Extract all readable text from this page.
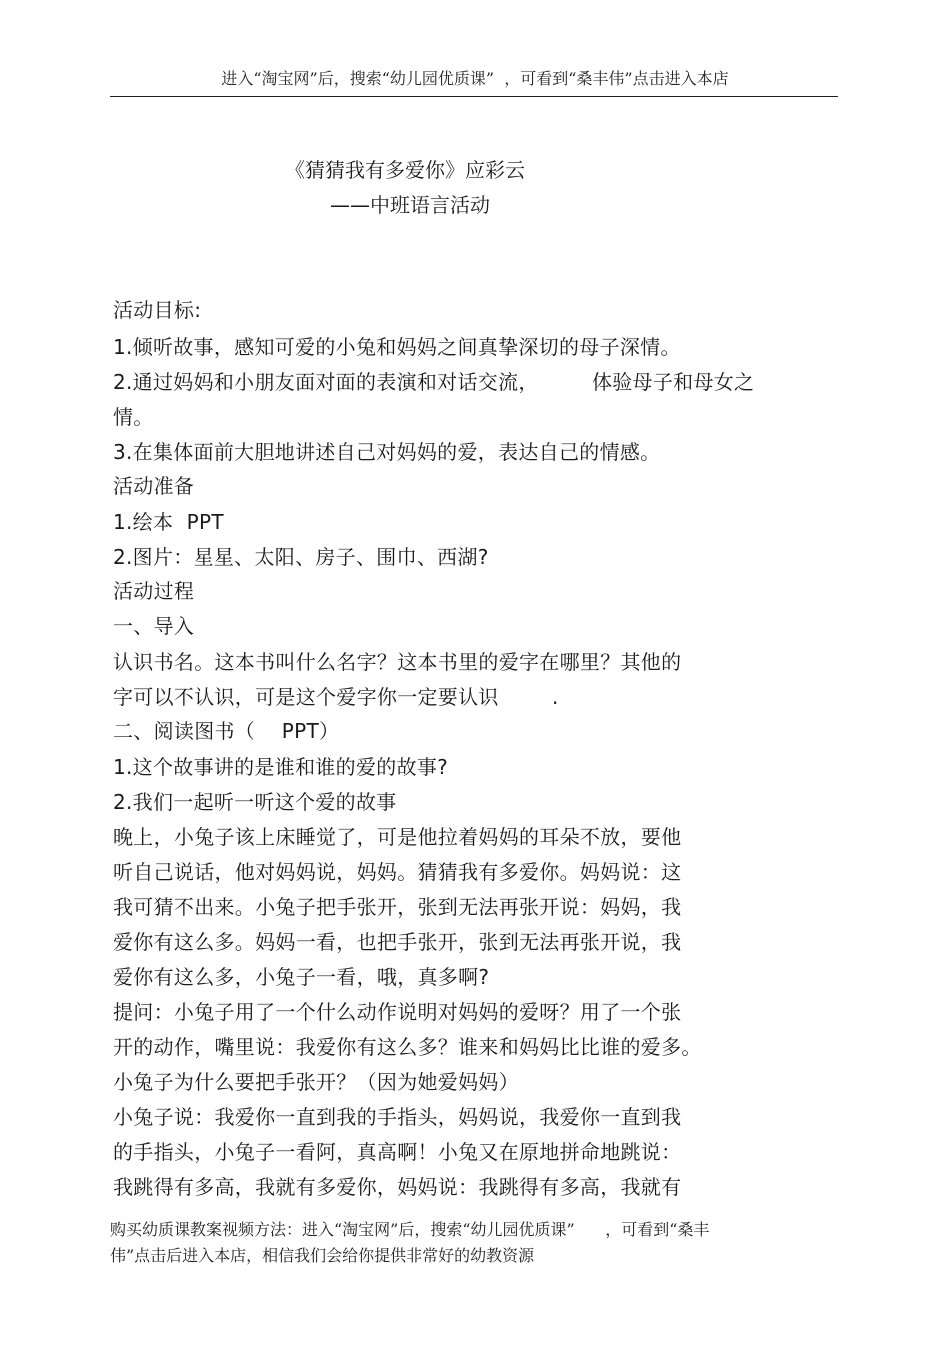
进入“淘宝网”后，搜索“幼儿园优质课”  ，可看到“桑丰伟”点击进入本店
《猜猜我有多爱你》应彩云
——中班语言活动
活动目标:
1.倾听故事，感知可爱的小兔和妈妈之间真挚深切的母子深情。
2.通过妈妈和小朋友面对面的表演和对话交流，        体验母子和母女之
情。
3.在集体面前大胆地讲述自己对妈妈的爱，表达自己的情感。
活动准备
1.绘本  PPT
2.图片：星星、太阳、房子、围巾、西湖?
活动过程
一、导入
认识书名。这本书叫什么名字？这本书里的爱字在哪里？其他的
字可以不认识，可是这个爱字你一定要认识        .
二、阅读图书（    PPT）
1.这个故事讲的是谁和谁的爱的故事?
2.我们一起听一听这个爱的故事
晚上，小兔子该上床睡觉了，可是他拉着妈妈的耳朵不放，要他
听自己说话，他对妈妈说，妈妈。猜猜我有多爱你。妈妈说：这
我可猜不出来。小兔子把手张开，张到无法再张开说：妈妈，我
爱你有这么多。妈妈一看，也把手张开，张到无法再张开说，我
爱你有这么多，小兔子一看，哦，真多啊?
提问：小兔子用了一个什么动作说明对妈妈的爱呀？用了一个张
开的动作，嘴里说：我爱你有这么多？谁来和妈妈比比谁的爱多。
小兔子为什么要把手张开？（因为她爱妈妈）
小兔子说：我爱你一直到我的手指头，妈妈说，我爱你一直到我
的手指头，小兔子一看阿，真高啊！小兔又在原地拼命地跳说：
我跳得有多高，我就有多爱你，妈妈说：我跳得有多高，我就有
购买幼质课教案视频方法：进入“淘宝网”后，搜索“幼儿园优质课”      ，可看到“桑丰
伟”点击后进入本店，相信我们会给你提供非常好的幼教资源
